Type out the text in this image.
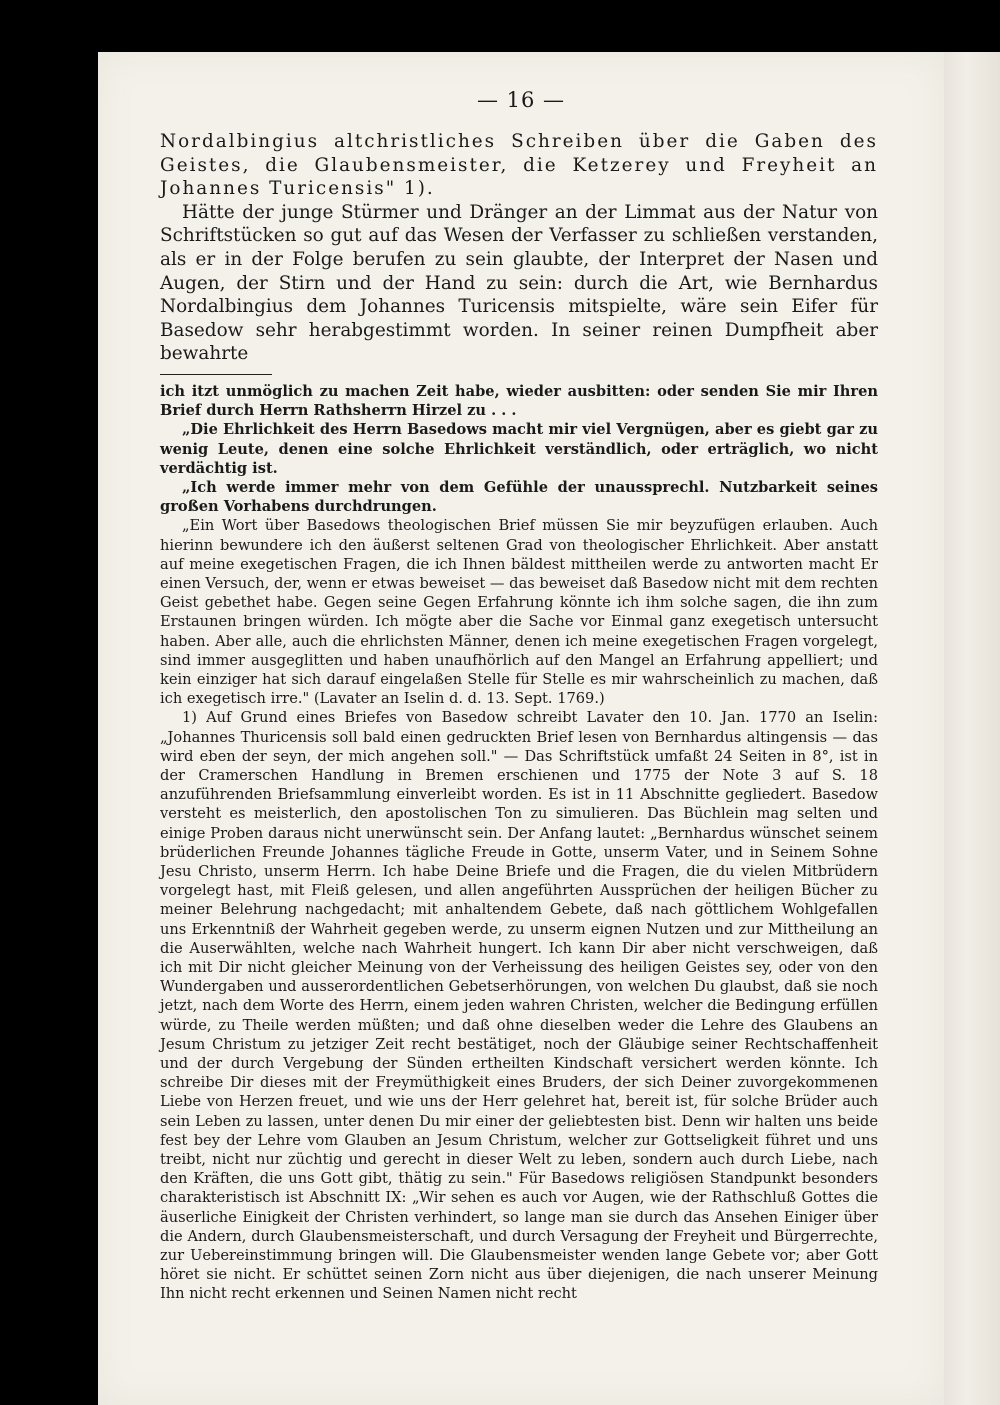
— 16 —

Nordalbingius altchristliches Schreiben über die Gaben des Geistes, die Glaubensmeister, die Ketzerey und Freyheit an Johannes Turicensis" 1).

Hätte der junge Stürmer und Dränger an der Limmat aus der Natur von Schriftstücken so gut auf das Wesen der Verfasser zu schließen verstanden, als er in der Folge berufen zu sein glaubte, der Interpret der Nasen und Augen, der Stirn und der Hand zu sein: durch die Art, wie Bernhardus Nordalbingius dem Johannes Turicensis mitspielte, wäre sein Eifer für Basedow sehr herabgestimmt worden. In seiner reinen Dumpfheit aber bewahrte

ich itzt unmöglich zu machen Zeit habe, wieder ausbitten: oder senden Sie mir Ihren Brief durch Herrn Rathsherrn Hirzel zu . . .

„Die Ehrlichkeit des Herrn Basedows macht mir viel Vergnügen, aber es giebt gar zu wenig Leute, denen eine solche Ehrlichkeit verständlich, oder erträglich, wo nicht verdächtig ist.

„Ich werde immer mehr von dem Gefühle der unaussprechl. Nutzbarkeit seines großen Vorhabens durchdrungen.

„Ein Wort über Basedows theologischen Brief müssen Sie mir beyzufügen erlauben. Auch hierinn bewundere ich den äußerst seltenen Grad von theologischer Ehrlichkeit. Aber anstatt auf meine exegetischen Fragen, die ich Ihnen bäldest mittheilen werde zu antworten macht Er einen Versuch, der, wenn er etwas beweiset — das beweiset daß Basedow nicht mit dem rechten Geist gebethet habe. Gegen seine Gegen Erfahrung könnte ich ihm solche sagen, die ihn zum Erstaunen bringen würden. Ich mögte aber die Sache vor Einmal ganz exegetisch untersucht haben. Aber alle, auch die ehrlichsten Männer, denen ich meine exegetischen Fragen vorgelegt, sind immer ausgeglitten und haben unaufhörlich auf den Mangel an Erfahrung appelliert; und kein einziger hat sich darauf eingelaßen Stelle für Stelle es mir wahrscheinlich zu machen, daß ich exegetisch irre." (Lavater an Iselin d. d. 13. Sept. 1769.)

1) Auf Grund eines Briefes von Basedow schreibt Lavater den 10. Jan. 1770 an Iselin: „Johannes Thuricensis soll bald einen gedruckten Brief lesen von Bernhardus altingensis — das wird eben der seyn, der mich angehen soll." — Das Schriftstück umfaßt 24 Seiten in 8°, ist in der Cramerschen Handlung in Bremen erschienen und 1775 der Note 3 auf S. 18 anzuführenden Briefsammlung einverleibt worden. Es ist in 11 Abschnitte gegliedert. Basedow versteht es meisterlich, den apostolischen Ton zu simulieren. Das Büchlein mag selten und einige Proben daraus nicht unerwünscht sein. Der Anfang lautet: „Bernhardus wünschet seinem brüderlichen Freunde Johannes tägliche Freude in Gotte, unserm Vater, und in Seinem Sohne Jesu Christo, unserm Herrn. Ich habe Deine Briefe und die Fragen, die du vielen Mitbrüdern vorgelegt hast, mit Fleiß gelesen, und allen angeführten Aussprüchen der heiligen Bücher zu meiner Belehrung nachgedacht; mit anhaltendem Gebete, daß nach göttlichem Wohlgefallen uns Erkenntniß der Wahrheit gegeben werde, zu unserm eignen Nutzen und zur Mittheilung an die Auserwählten, welche nach Wahrheit hungert. Ich kann Dir aber nicht verschweigen, daß ich mit Dir nicht gleicher Meinung von der Verheissung des heiligen Geistes sey, oder von den Wundergaben und ausserordentlichen Gebetserhörungen, von welchen Du glaubst, daß sie noch jetzt, nach dem Worte des Herrn, einem jeden wahren Christen, welcher die Bedingung erfüllen würde, zu Theile werden müßten; und daß ohne dieselben weder die Lehre des Glaubens an Jesum Christum zu jetziger Zeit recht bestätiget, noch der Gläubige seiner Rechtschaffenheit und der durch Vergebung der Sünden ertheilten Kindschaft versichert werden könnte. Ich schreibe Dir dieses mit der Freymüthigkeit eines Bruders, der sich Deiner zuvorgekommenen Liebe von Herzen freuet, und wie uns der Herr gelehret hat, bereit ist, für solche Brüder auch sein Leben zu lassen, unter denen Du mir einer der geliebtesten bist. Denn wir halten uns beide fest bey der Lehre vom Glauben an Jesum Christum, welcher zur Gottseligkeit führet und uns treibt, nicht nur züchtig und gerecht in dieser Welt zu leben, sondern auch durch Liebe, nach den Kräften, die uns Gott gibt, thätig zu sein." Für Basedows religiösen Standpunkt besonders charakteristisch ist Abschnitt IX: „Wir sehen es auch vor Augen, wie der Rathschluß Gottes die äuserliche Einigkeit der Christen verhindert, so lange man sie durch das Ansehen Einiger über die Andern, durch Glaubensmeisterschaft, und durch Versagung der Freyheit und Bürgerrechte, zur Uebereinstimmung bringen will. Die Glaubensmeister wenden lange Gebete vor; aber Gott höret sie nicht. Er schüttet seinen Zorn nicht aus über diejenigen, die nach unserer Meinung Ihn nicht recht erkennen und Seinen Namen nicht recht
